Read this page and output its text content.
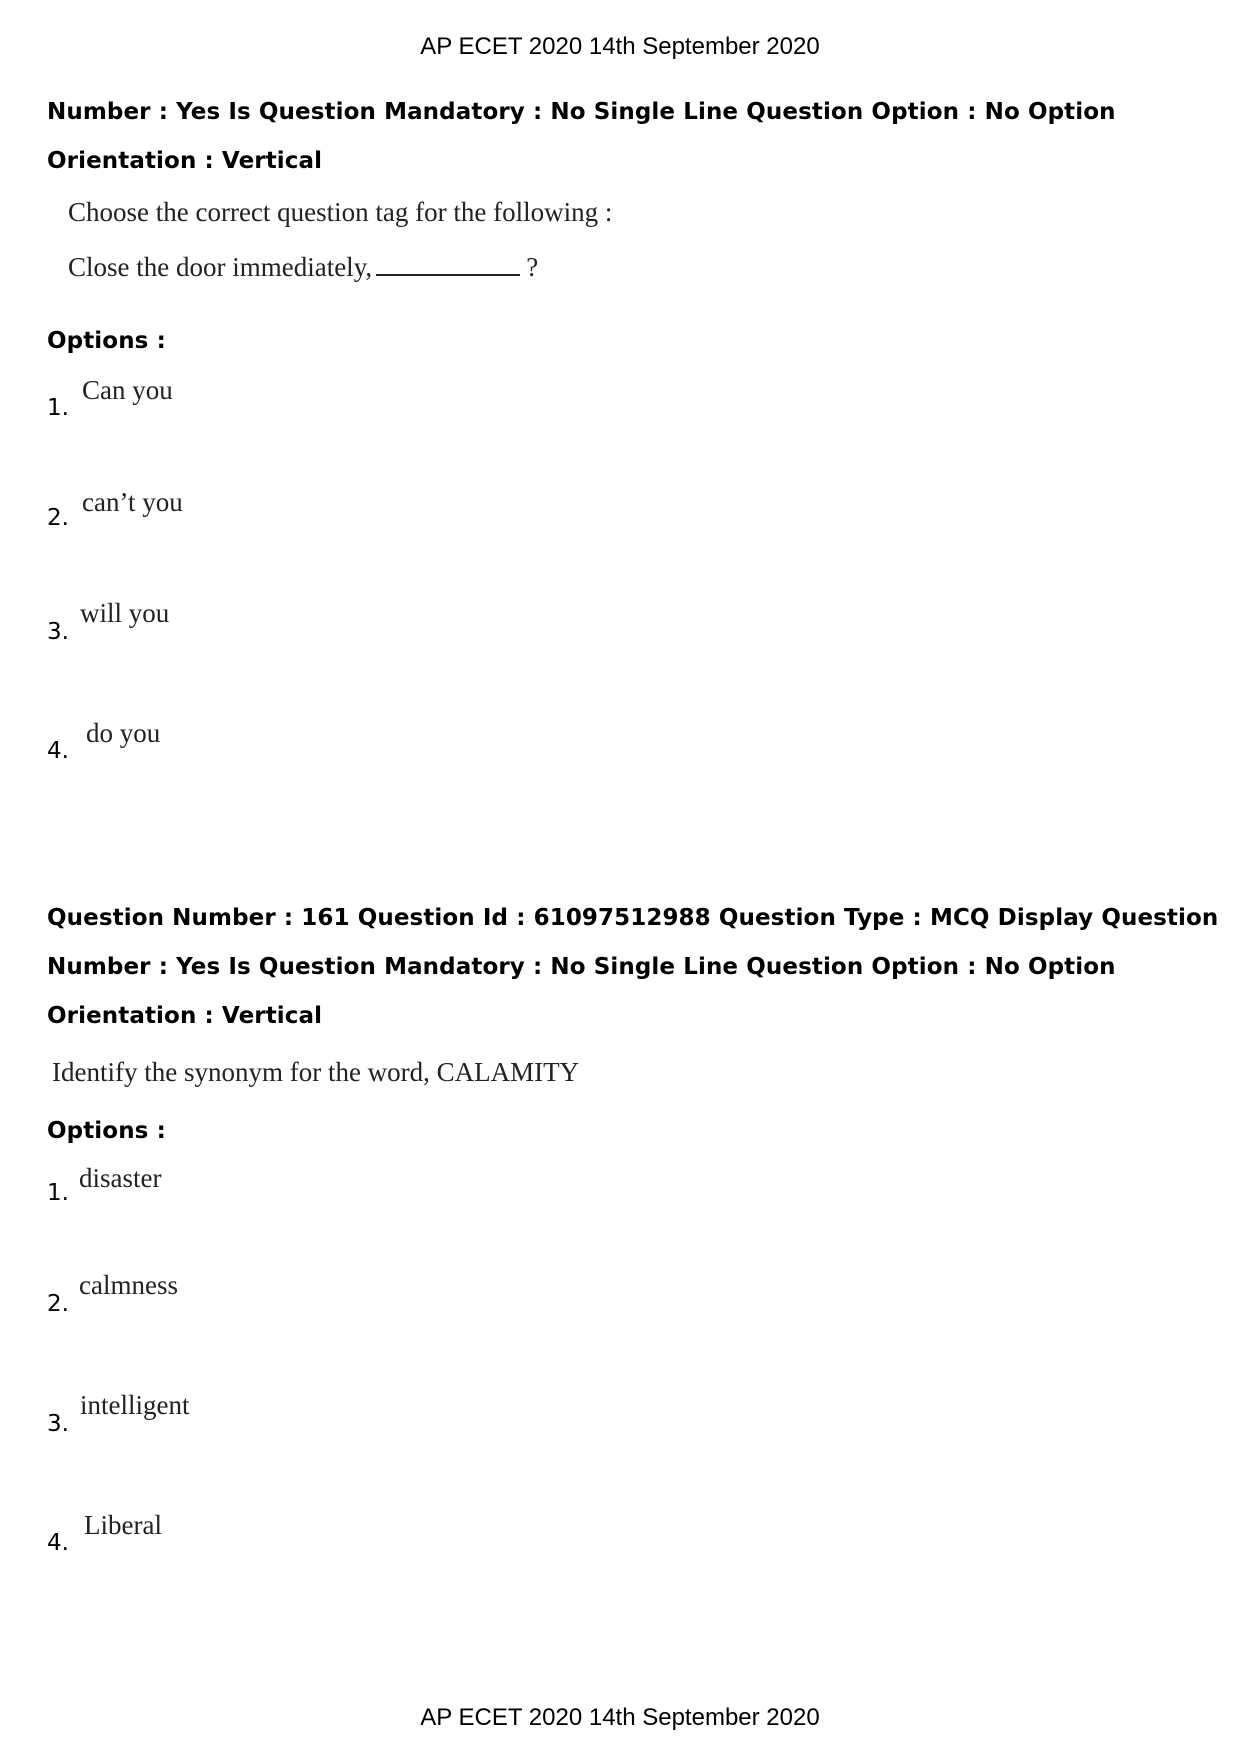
AP ECET 2020 14th September 2020
Number : Yes Is Question Mandatory : No Single Line Question Option : No Option
Orientation : Vertical
Choose the correct question tag for the following :
Close the door immediately,	?
Options :
1.
Can you
2.
can’t you
3.
will you
4.
do you
Question Number : 161 Question Id : 61097512988 Question Type : MCQ Display Question
Number : Yes Is Question Mandatory : No Single Line Question Option : No Option
Orientation : Vertical
Identify the synonym for the word, CALAMITY
Options :
1. disaster
2.
calmness
3.
intelligent
4.
Liberal
AP ECET 2020 14th September 2020
